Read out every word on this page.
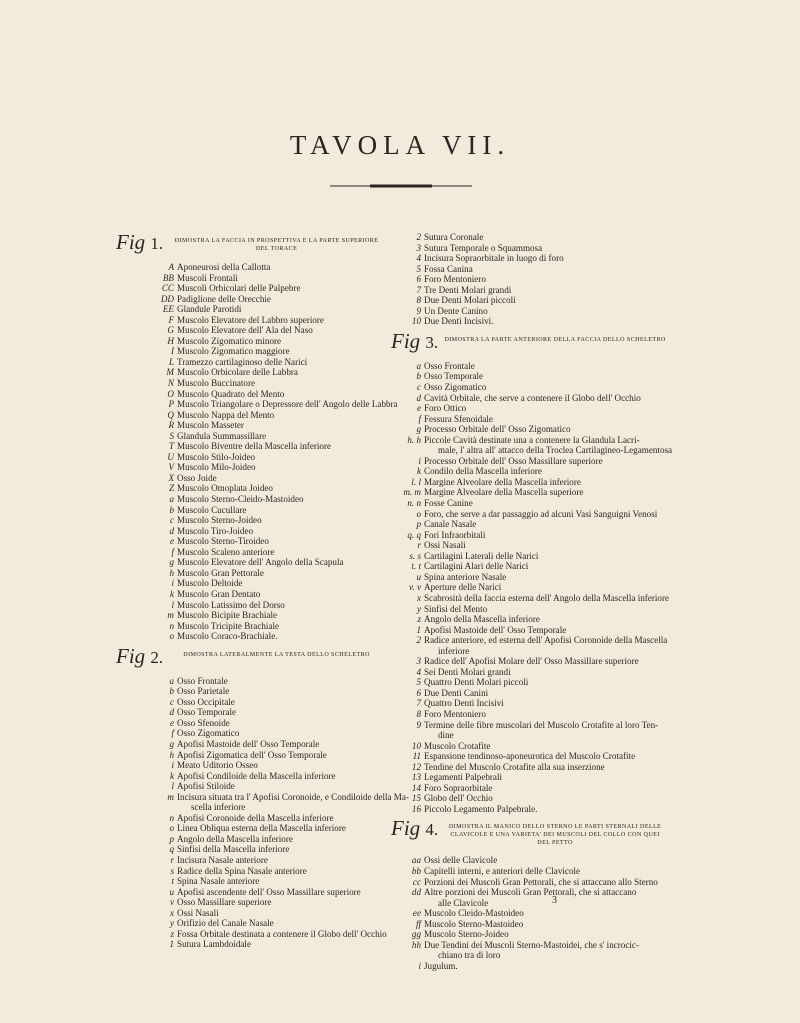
TAVOLA VII.
Fig 1.	DIMOSTRA LA FACCIA IN PROSPETTIVA E LA PARTE SUPERIORE DEL TORACE
A Aponeurosi della Callotta
BB Muscoli Frontali
CC Muscoli Orbicolari delle Palpebre
DD Padiglione delle Orecchie
EE Glandule Parotidi
F Muscolo Elevatore del Labbro superiore
G Muscolo Elevatore dell' Ala del Naso
H Muscolo Zigomatico minore
I Muscolo Zigomatico maggiore
L Tramezzo cartilaginoso delle Narici
M Muscolo Orbicolare delle Labbra
N Muscolo Buccinatore
O Muscolo Quadrato del Mento
P Muscolo Triangolare o Depressore dell' Angolo delle Labbra
Q Muscolo Nappa del Mento
R Muscolo Masseter
S Glandula Summassillare
T Muscolo Biventre della Mascella inferiore
U Muscolo Stilo-Joideo
V Muscolo Milo-Joideo
X Osso Joide
Z Muscolo Omoplata Joideo
a Muscolo Sterno-Cleido-Mastoideo
b Muscolo Cucullare
c Muscolo Sterno-Joideo
d Muscolo Tiro-Joideo
e Muscolo Sterno-Tiroideo
f Muscolo Scaleno anteriore
g Muscolo Elevatore dell' Angolo della Scapula
h Muscolo Gran Pettorale
i Muscolo Deltoide
k Muscolo Gran Dentato
l Muscolo Latissimo del Dorso
m Muscolo Bicipite Brachiale
n Muscolo Tricipite Brachiale
o Muscolo Coraco-Brachiale.
Fig 2.	DIMOSTRA LATERALMENTE LA TESTA DELLO SCHELETRO
a Osso Frontale
b Osso Parietale
c Osso Occipitale
d Osso Temporale
e Osso Sfenoide
f Osso Zigomatico
g Apofisi Mastoide dell' Osso Temporale
h Apofisi Zigomatica dell' Osso Temporale
i Meato Uditorio Osseo
k Apofisi Condiloide della Mascella inferiore
l Apofisi Stiloide
m Incisura situata tra l' Apofisi Coronoide, e Condiloide della Ma-
scella inferiore
n Apofisi Coronoide della Mascella inferiore
o Linea Obliqua esterna della Mascella inferiore
p Angolo della Mascella inferiore
q Sinfisi della Mascella inferiore
r Incisura Nasale anteriore
s Radice della Spina Nasale anteriore
t Spina Nasale anteriore
u Apofisi ascendente dell' Osso Massillare superiore
v Osso Massillare superiore
x Ossi Nasali
y Orifizio del Canale Nasale
z Fossa Orbitale destinata a contenere il Globo dell' Occhio
1 Sutura Lambdoidale
2 Sutura Coronale
3 Sutura Temporale o Squammosa
4 Incisura Sopraorbitale in luogo di foro
5 Fossa Canina
6 Foro Mentoniero
7 Tre Denti Molari grandi
8 Due Denti Molari piccoli
9 Un Dente Canino
10 Due Denti Incisivi.
Fig 3. DIMOSTRA LA PARTE ANTERIORE DELLA FACCIA DELLO SCHELETRO
a Osso Frontale
b Osso Temporale
c Osso Zigomatico
d Cavità Orbitale, che serve a contenere il Globo dell' Occhio
e Foro Ottico
f Fessura Sfenoidale
g Processo Orbitale dell' Osso Zigomatico
h. h Piccole Cavità destinate una a contenere la Glandula Lacri-
male, l' altra all' attacco della Troclea Cartilagineo-Legamentosa
i Processo Orbitale dell' Osso Massillare superiore
k Condilo della Mascella inferiore
l. l Margine Alveolare della Mascella inferiore
m. m Margine Alveolare della Mascella superiore
n. n Fosse Canine
o Foro, che serve a dar passaggio ad alcuni Vasi Sanguigni Venosi
p Canale Nasale
q. q Fori Infraorbitali
r Ossi Nasali
s. s Cartilagini Laterali delle Narici
t. t Cartilagini Alari delle Narici
u Spina anteriore Nasale
v. v Aperture delle Narici
x Scabrosità della faccia esterna dell' Angolo della Mascella inferiore
y Sinfisi del Mento
z Angolo della Mascella inferiore
1 Apofisi Mastoide dell' Osso Temporale
2 Radice anteriore, ed esterna dell' Apofisi Coronoide della Mascella
inferiore
3 Radice dell' Apofisi Molare dell' Osso Massillare superiore
4 Sei Denti Molari grandi
5 Quattro Denti Molari piccoli
6 Due Denti Canini
7 Quattro Denti Incisivi
8 Foro Mentoniero
9 Termine delle fibre muscolari del Muscolo Crotafite al loro Ten-
dine
10 Muscolo Crotafite
11 Espansione tendinoso-aponeurotica del Muscolo Crotafite
12 Tendine del Muscolo Crotafite alla sua inserzione
13 Legamenti Palpebrali
14 Foro Sopraorbitale
15 Globo dell' Occhio
16 Piccolo Legamento Palpebrale.
Fig 4.	DIMOSTRA IL MANICO DELLO STERNO LE PARTI STERNALI DELLE CLAVICOLE E UNA VARIETA' DEI MUSCOLI DEL COLLO CON QUEI DEL PETTO
aa Ossi delle Clavicole
bb Capitelli interni, e anteriori delle Clavicole
cc Porzioni dei Muscoli Gran Pettorali, che si attaccano allo Sterno
dd Altre porzioni dei Muscoli Gran Pettorali, che si attaccano
alle Clavicole
ee Muscolo Cleido-Mastoideo
ff Muscolo Sterno-Mastoideo
gg Muscolo Sterno-Joideo
hh Due Tendini dei Muscoli Sterno-Mastoidei, che s' incrocic-
chiano tra di loro
i Jugulum.
3
